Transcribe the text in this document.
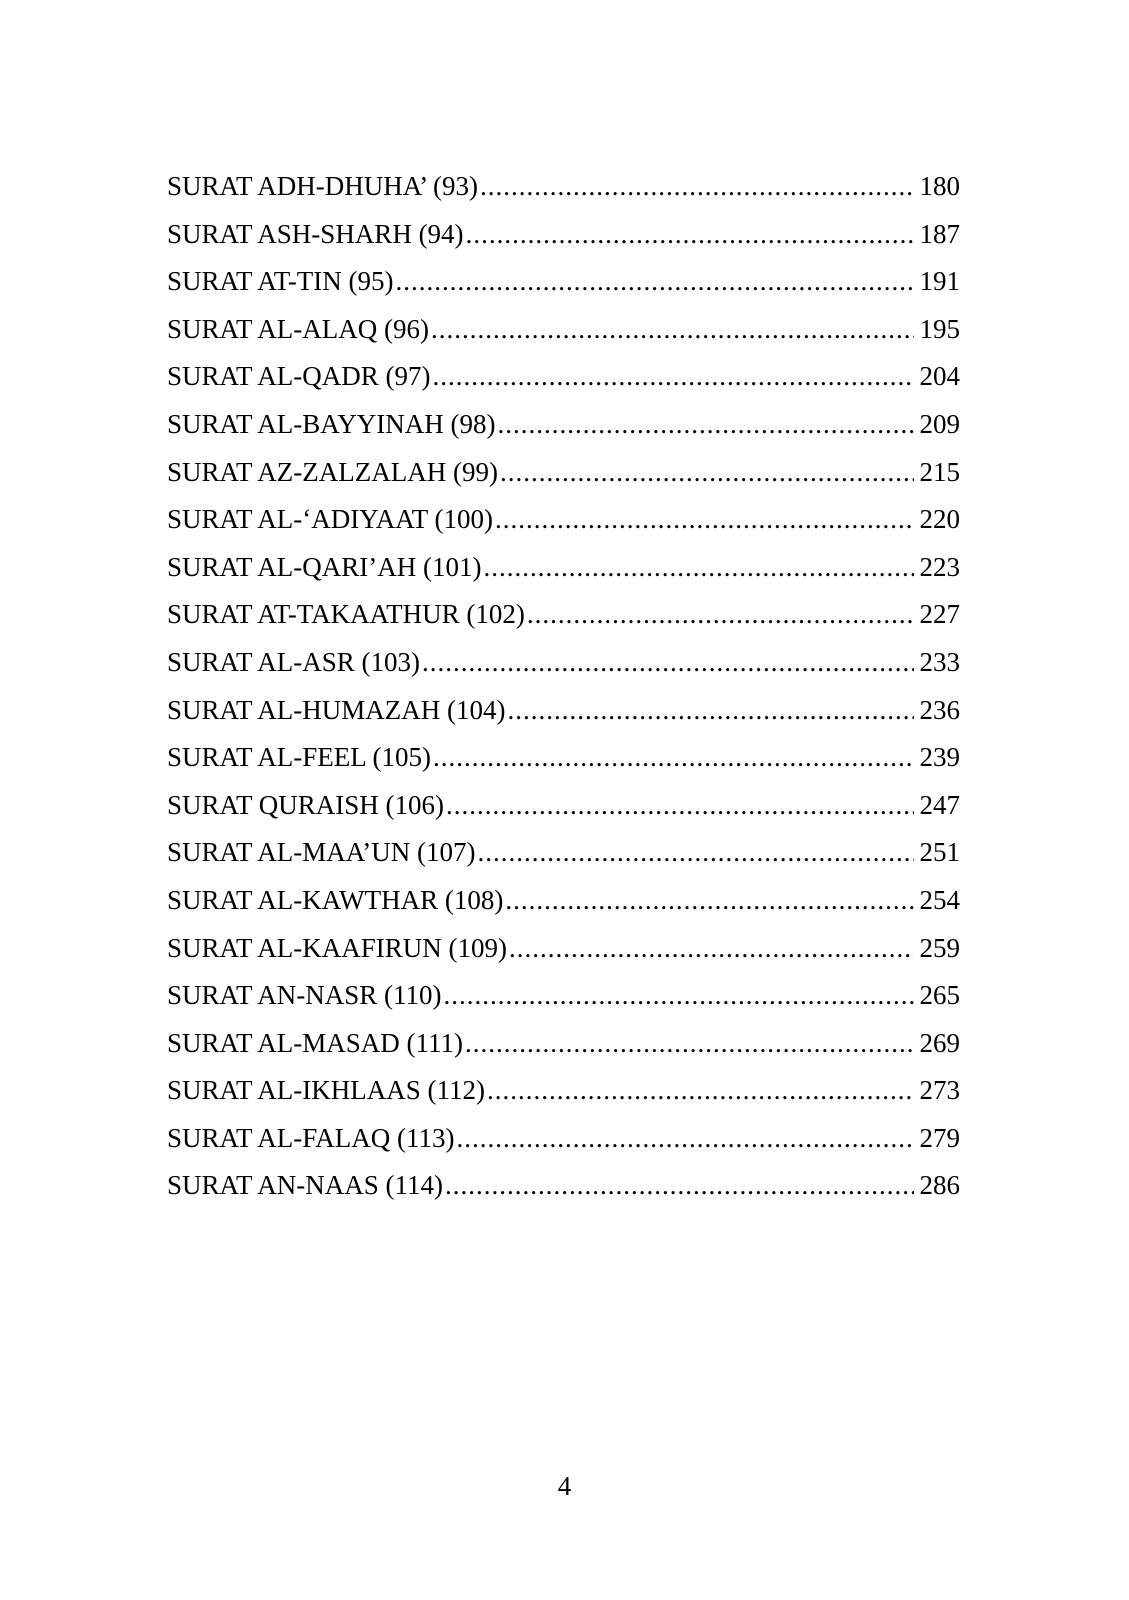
SURAT ADH-DHUHA’ (93) .....	180
SURAT ASH-SHARH (94) .....	187
SURAT AT-TIN (95) .....	191
SURAT AL-ALAQ (96) .....	195
SURAT AL-QADR (97) .....	204
SURAT AL-BAYYINAH (98) .....	209
SURAT AZ-ZALZALAH (99) .....	215
SURAT AL-‘ADIYAAT (100) .....	220
SURAT AL-QARI’AH (101) .....	223
SURAT AT-TAKAATHUR (102) .....	227
SURAT AL-ASR (103) .....	233
SURAT AL-HUMAZAH (104) .....	236
SURAT AL-FEEL (105) .....	239
SURAT QURAISH (106) .....	247
SURAT AL-MAA’UN (107) .....	251
SURAT AL-KAWTHAR (108) .....	254
SURAT AL-KAAFIRUN (109) .....	259
SURAT AN-NASR (110) .....	265
SURAT AL-MASAD (111) .....	269
SURAT AL-IKHLAAS (112) .....	273
SURAT AL-FALAQ (113) .....	279
SURAT AN-NAAS (114) .....	286
4
